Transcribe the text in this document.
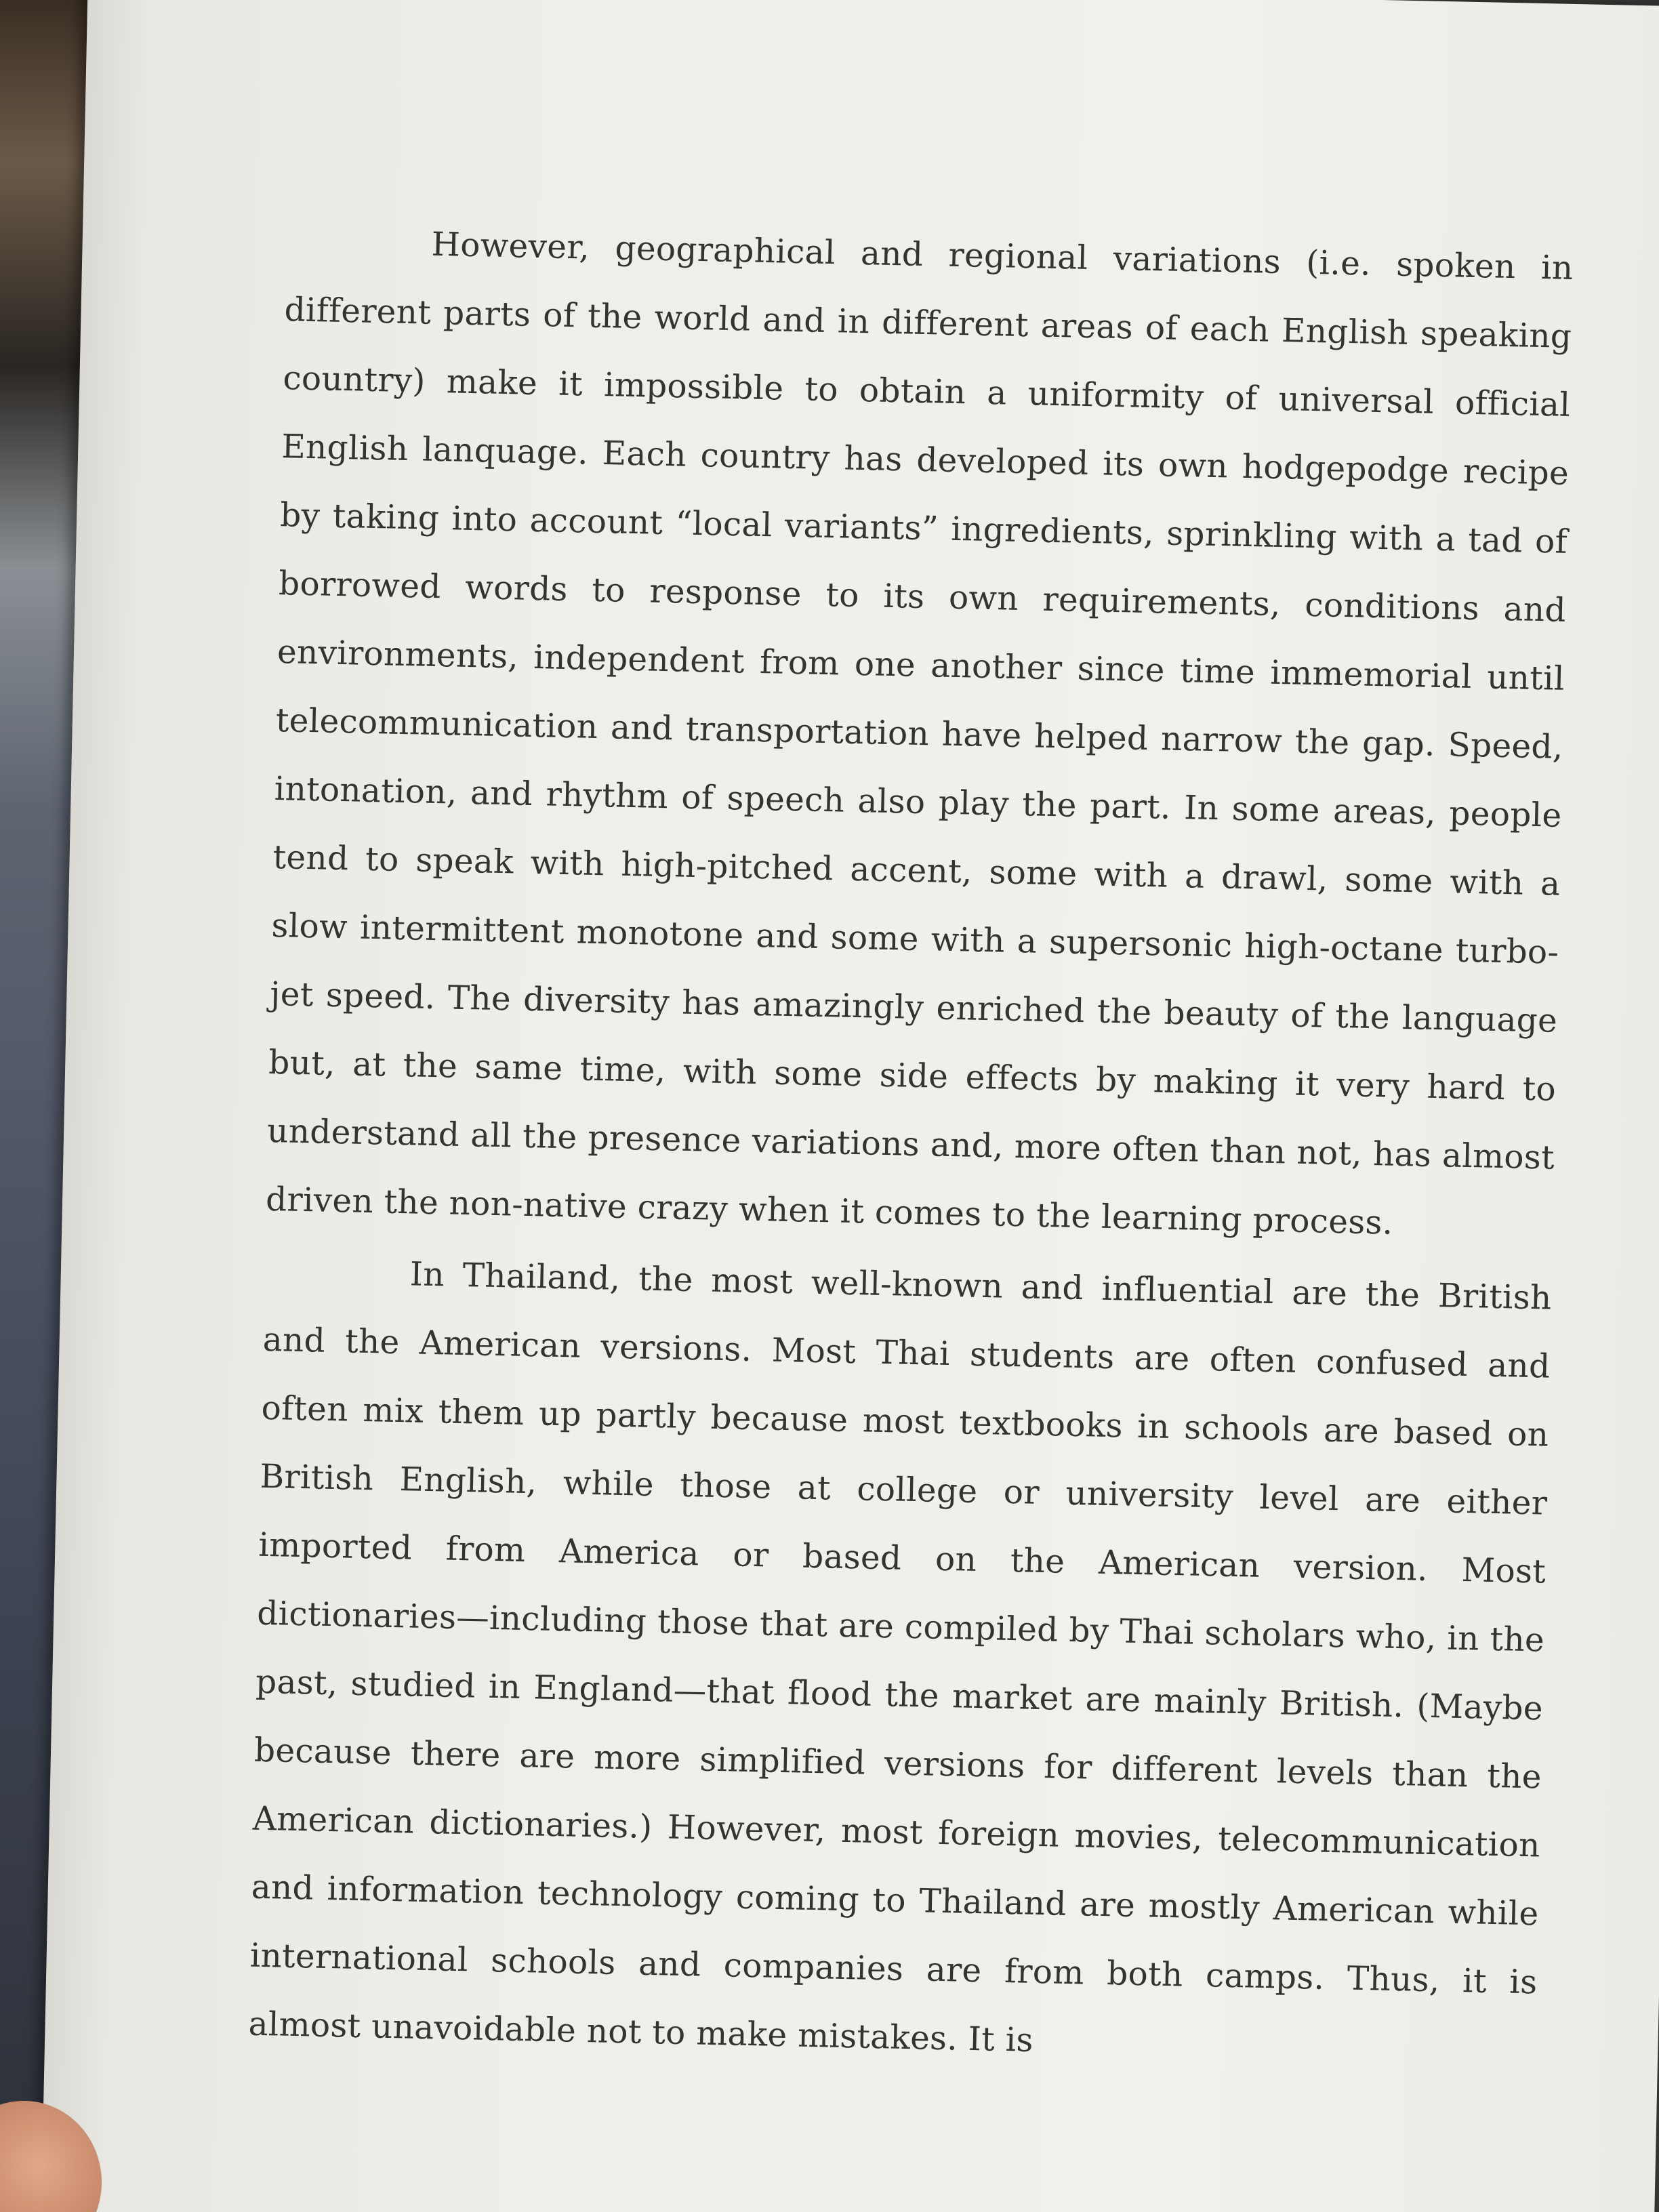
However, geographical and regional variations (i.e. spoken in different parts of the world and in different areas of each English speaking country) make it impossible to obtain a uniformity of universal official English lanquage. Each country has developed its own hodgepodge recipe by taking into account “local variants” ingredients, sprinkling with a tad of borrowed words to response to its own requirements, conditions and environments, independent from one another since time immemorial until telecommunication and transportation have helped narrow the gap. Speed, intonation, and rhythm of speech also play the part. In some areas, people tend to speak with high-pitched accent, some with a drawl, some with a slow intermittent monotone and some with a supersonic high-octane turbo-jet speed. The diversity has amazingly enriched the beauty of the language but, at the same time, with some side effects by making it very hard to understand all the presence variations and, more often than not, has almost driven the non-native crazy when it comes to the learning process.

In Thailand, the most well-known and influential are the British and the American versions. Most Thai students are often confused and often mix them up partly because most textbooks in schools are based on British English, while those at college or university level are either imported from America or based on the American version. Most dictionaries—including those that are compiled by Thai scholars who, in the past, studied in England—that flood the market are mainly British. (Maybe because there are more simplified versions for different levels than the American dictionaries.) However, most foreign movies, telecommunication and information technology coming to Thailand are mostly American while international schools and companies are from both camps. Thus, it is almost unavoidable not to make mistakes. It is
